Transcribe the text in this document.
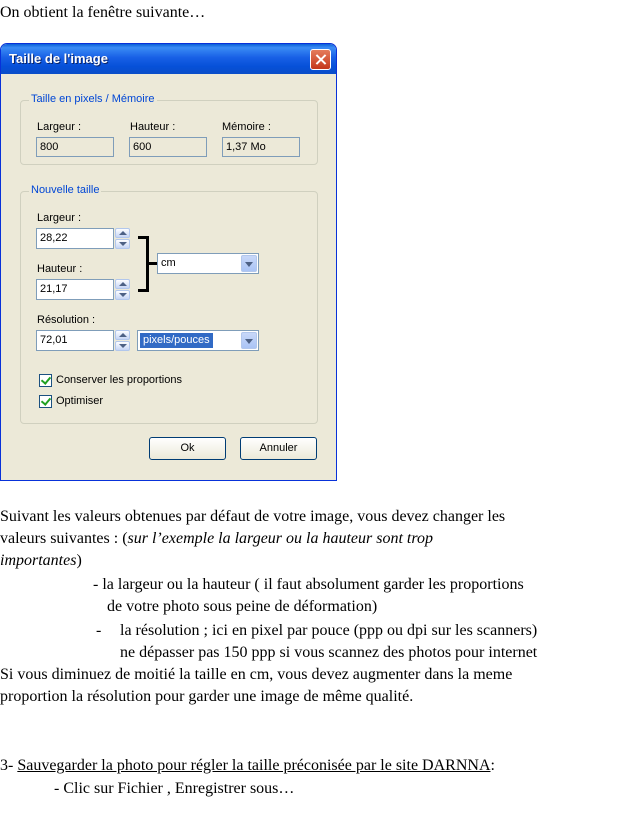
On obtient la fenêtre suivante…
Taille de l'image
Taille en pixels / Mémoire
Largeur :	Hauteur :	Mémoire :
800	600	1,37 Mo
Nouvelle taille
Largeur :
28,22
Hauteur :
21,17
cm
Résolution :
72,01	pixels/pouces
Conserver les proportions
Optimiser
Ok	Annuler
Suivant les valeurs obtenues par défaut de votre image, vous devez changer les
valeurs suivantes : (sur l’exemple la largeur ou la hauteur sont trop
importantes)
- la largeur ou la hauteur ( il faut absolument garder les proportions
de votre photo sous peine de déformation)
- la résolution ; ici en pixel par pouce (ppp ou dpi sur les scanners)
ne dépasser pas 150 ppp si vous scannez des photos pour internet
Si vous diminuez de moitié la taille en cm, vous devez augmenter dans la meme
proportion la résolution pour garder une image de même qualité.
3- Sauvegarder la photo pour régler la taille préconisée par le site DARNNA:
- Clic sur Fichier , Enregistrer sous…
